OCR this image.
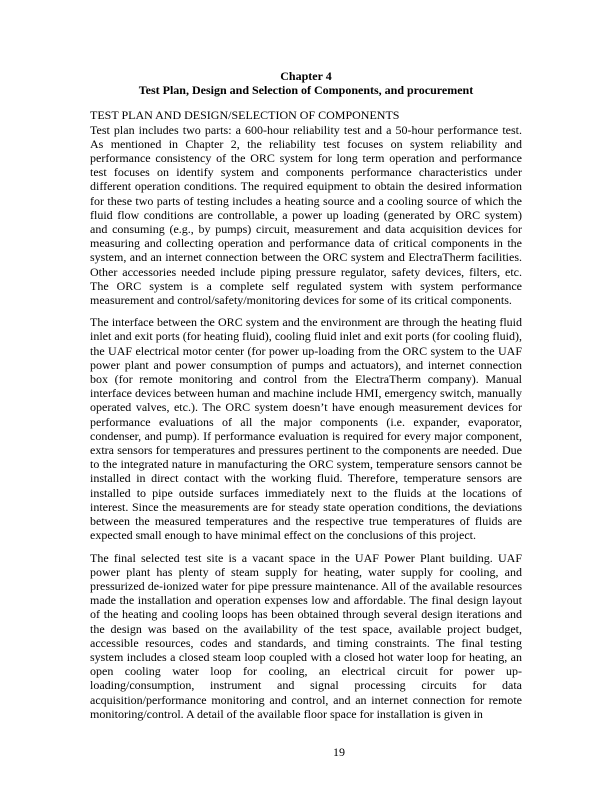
Chapter 4
Test Plan, Design and Selection of Components, and procurement
TEST PLAN AND DESIGN/SELECTION OF COMPONENTS

Test plan includes two parts: a 600-hour reliability test and a 50-hour performance test. As mentioned in Chapter 2, the reliability test focuses on system reliability and performance consistency of the ORC system for long term operation and performance test focuses on identify system and components performance characteristics under different operation conditions. The required equipment to obtain the desired information for these two parts of testing includes a heating source and a cooling source of which the fluid flow conditions are controllable, a power up loading (generated by ORC system) and consuming (e.g., by pumps) circuit, measurement and data acquisition devices for measuring and collecting operation and performance data of critical components in the system, and an internet connection between the ORC system and ElectraTherm facilities. Other accessories needed include piping pressure regulator, safety devices, filters, etc. The ORC system is a complete self regulated system with system performance measurement and control/safety/monitoring devices for some of its critical components.

The interface between the ORC system and the environment are through the heating fluid inlet and exit ports (for heating fluid), cooling fluid inlet and exit ports (for cooling fluid), the UAF electrical motor center (for power up-loading from the ORC system to the UAF power plant and power consumption of pumps and actuators), and internet connection box (for remote monitoring and control from the ElectraTherm company). Manual interface devices between human and machine include HMI, emergency switch, manually operated valves, etc.). The ORC system doesn’t have enough measurement devices for performance evaluations of all the major components (i.e. expander, evaporator, condenser, and pump). If performance evaluation is required for every major component, extra sensors for temperatures and pressures pertinent to the components are needed. Due to the integrated nature in manufacturing the ORC system, temperature sensors cannot be installed in direct contact with the working fluid. Therefore, temperature sensors are installed to pipe outside surfaces immediately next to the fluids at the locations of interest. Since the measurements are for steady state operation conditions, the deviations between the measured temperatures and the respective true temperatures of fluids are expected small enough to have minimal effect on the conclusions of this project.

The final selected test site is a vacant space in the UAF Power Plant building. UAF power plant has plenty of steam supply for heating, water supply for cooling, and pressurized de-ionized water for pipe pressure maintenance. All of the available resources made the installation and operation expenses low and affordable. The final design layout of the heating and cooling loops has been obtained through several design iterations and the design was based on the availability of the test space, available project budget, accessible resources, codes and standards, and timing constraints. The final testing system includes a closed steam loop coupled with a closed hot water loop for heating, an open cooling water loop for cooling, an electrical circuit for power up-loading/consumption, instrument and signal processing circuits for data acquisition/performance monitoring and control, and an internet connection for remote monitoring/control. A detail of the available floor space for installation is given in

19
